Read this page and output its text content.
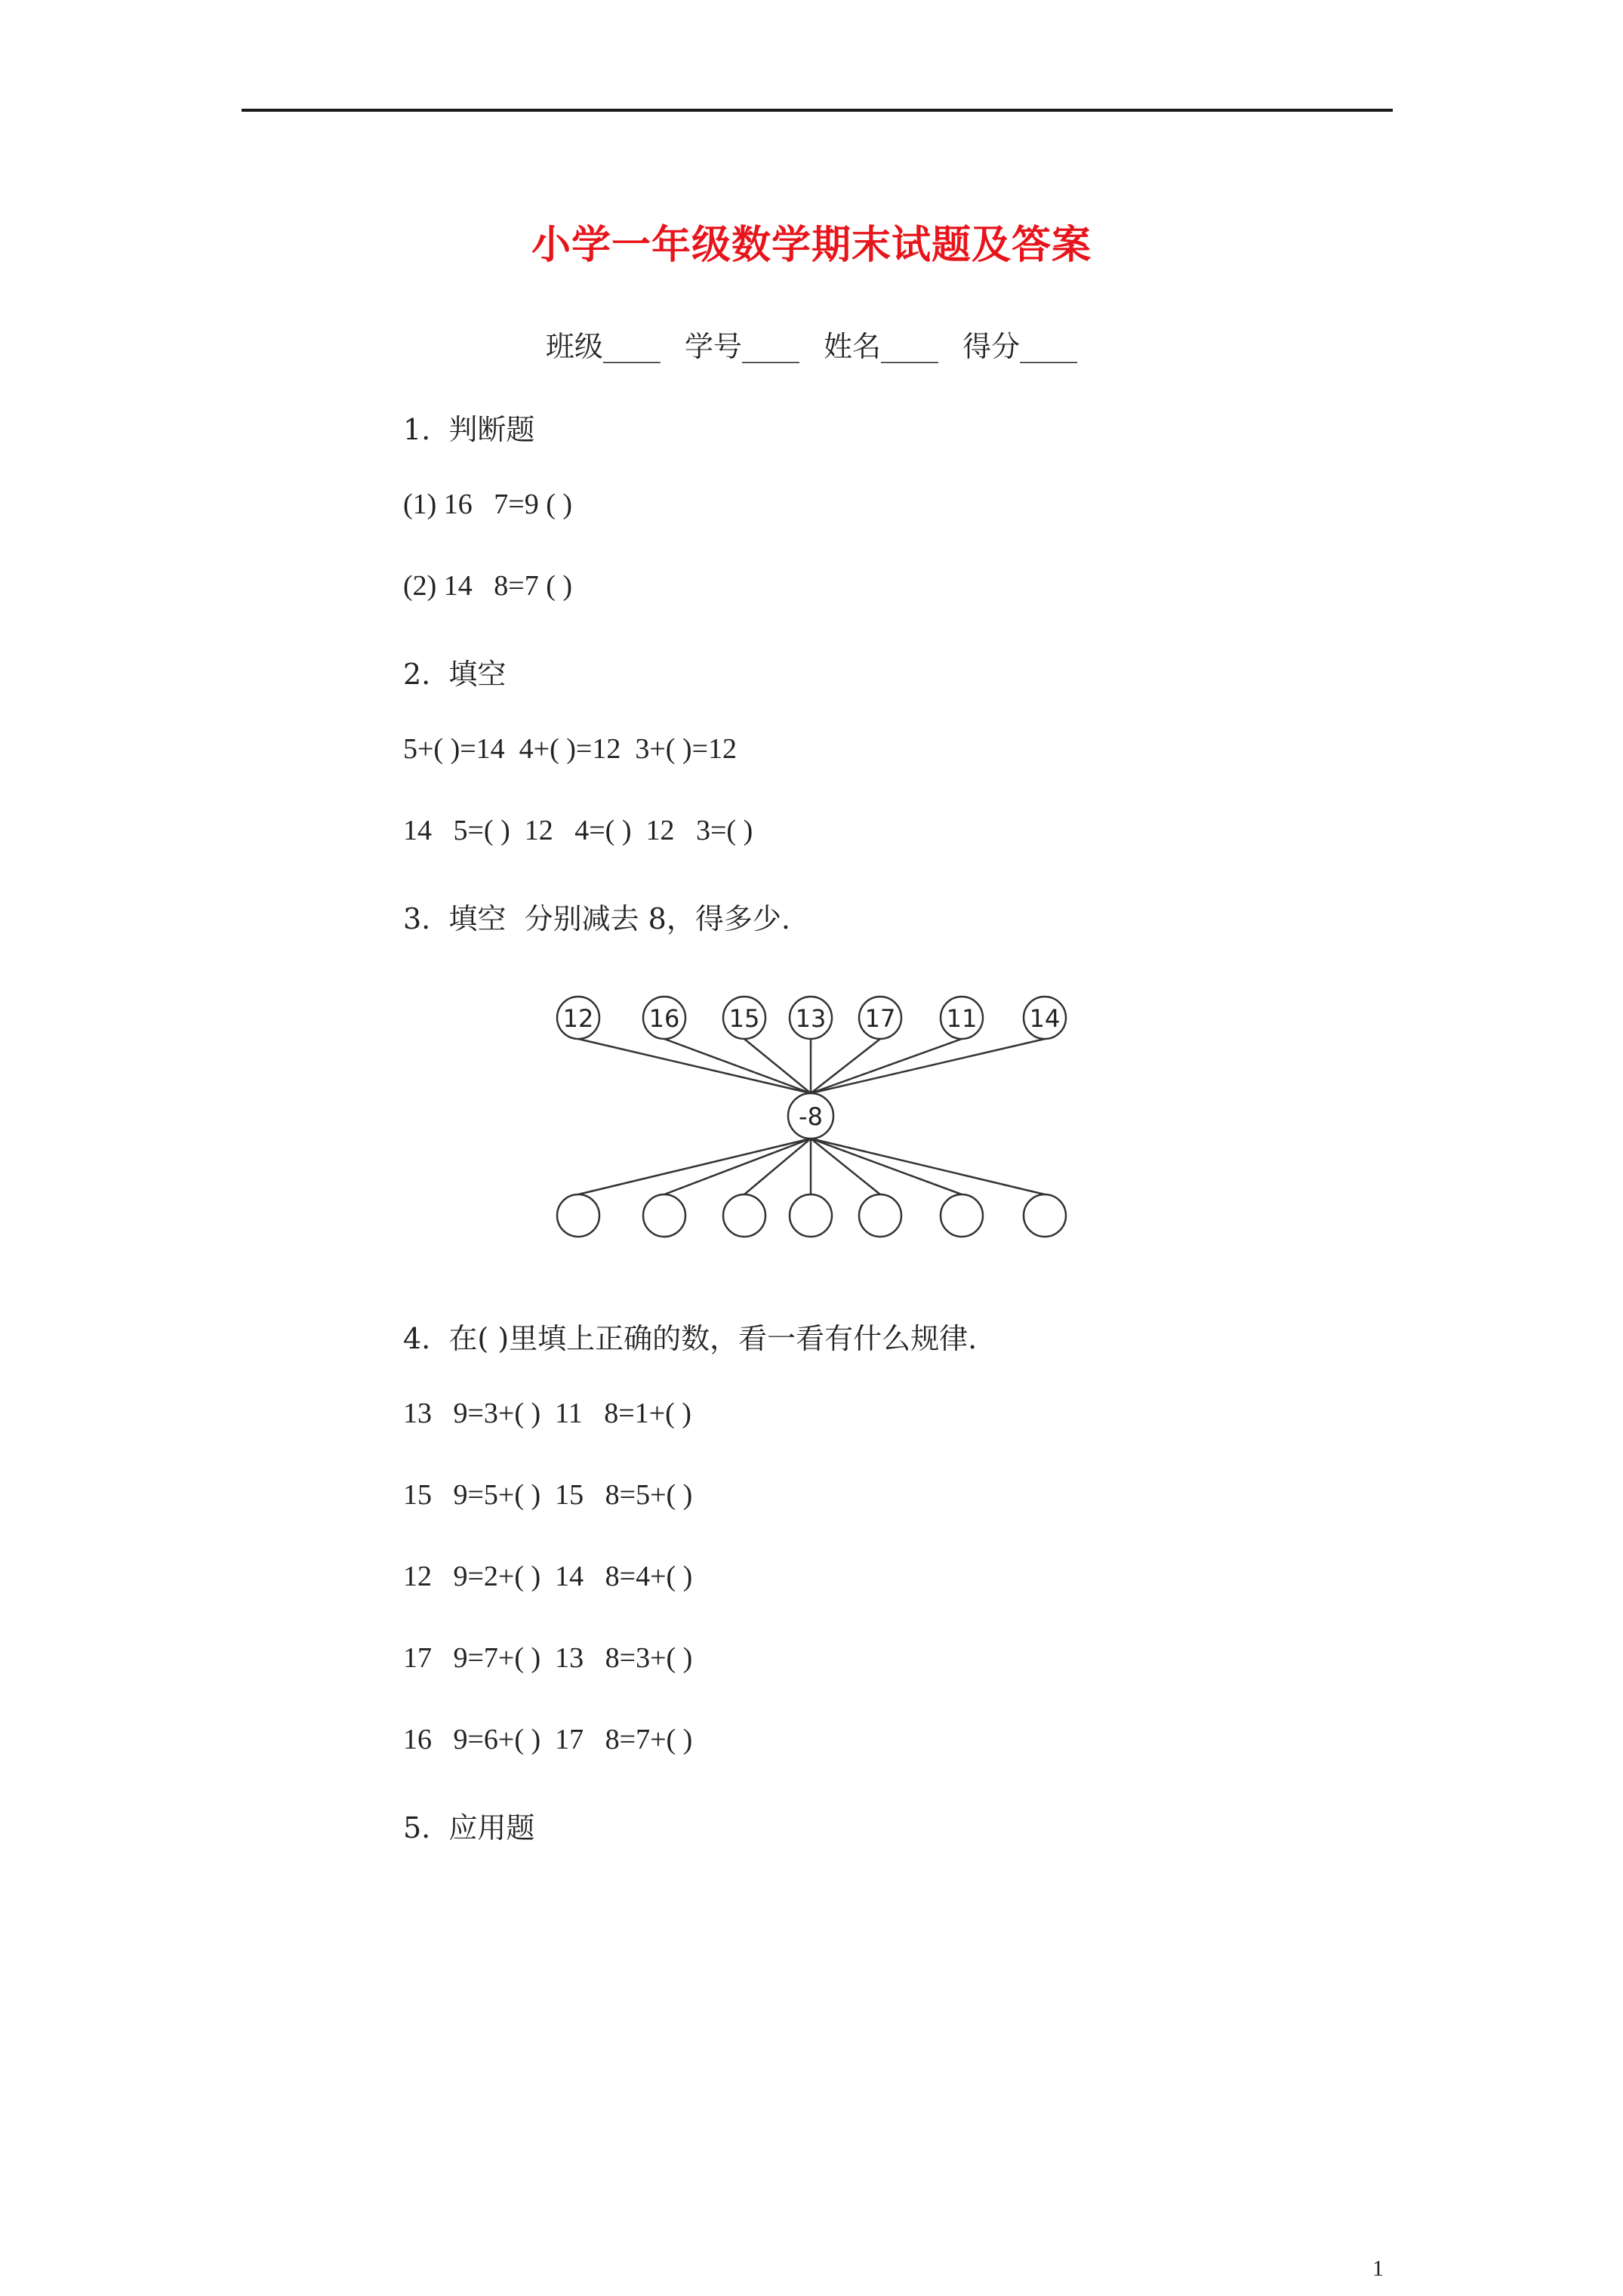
小学一年级数学期末试题及答案
班级____ 学号____ 姓名____ 得分____
1.  判断题
(1) 16   7=9 ( )
(2) 14   8=7 ( )
2.  填空
5+( )=14  4+( )=12  3+( )=12
14   5=( )  12   4=( )  12   3=( )
3.  填空  分别减去 8，得多少.
12 16 15 13 17 11 14
-8
4.  在( )里填上正确的数，看一看有什么规律.
13   9=3+( )  11   8=1+( )
15   9=5+( )  15   8=5+( )
12   9=2+( )  14   8=4+( )
17   9=7+( )  13   8=3+( )
16   9=6+( )  17   8=7+( )
5.  应用题
1
